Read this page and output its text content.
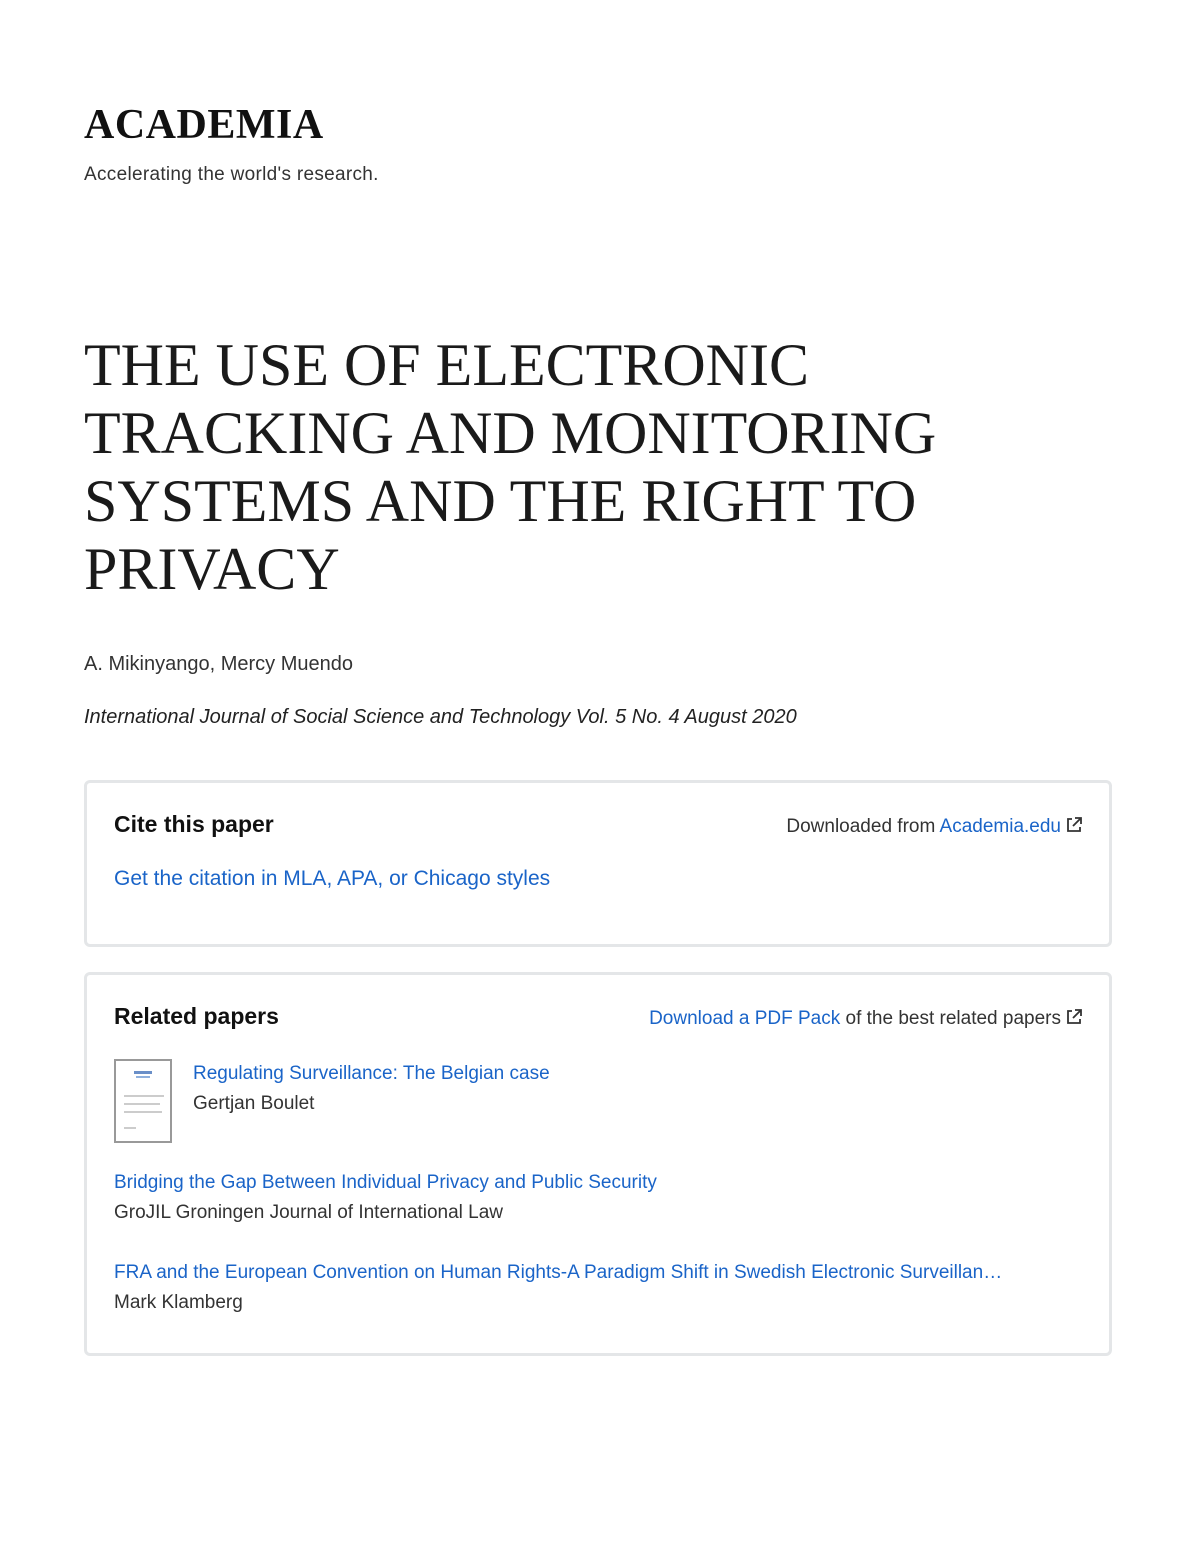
ACADEMIA
Accelerating the world's research.
THE USE OF ELECTRONIC TRACKING AND MONITORING SYSTEMS AND THE RIGHT TO PRIVACY
A. Mikinyango, Mercy Muendo
International Journal of Social Science and Technology Vol. 5 No. 4 August 2020
Cite this paper	Downloaded from Academia.edu
Get the citation in MLA, APA, or Chicago styles
Related papers	Download a PDF Pack of the best related papers
Regulating Surveillance: The Belgian case
Gertjan Boulet
Bridging the Gap Between Individual Privacy and Public Security
GroJIL Groningen Journal of International Law
FRA and the European Convention on Human Rights-A Paradigm Shift in Swedish Electronic Surveillan…
Mark Klamberg
